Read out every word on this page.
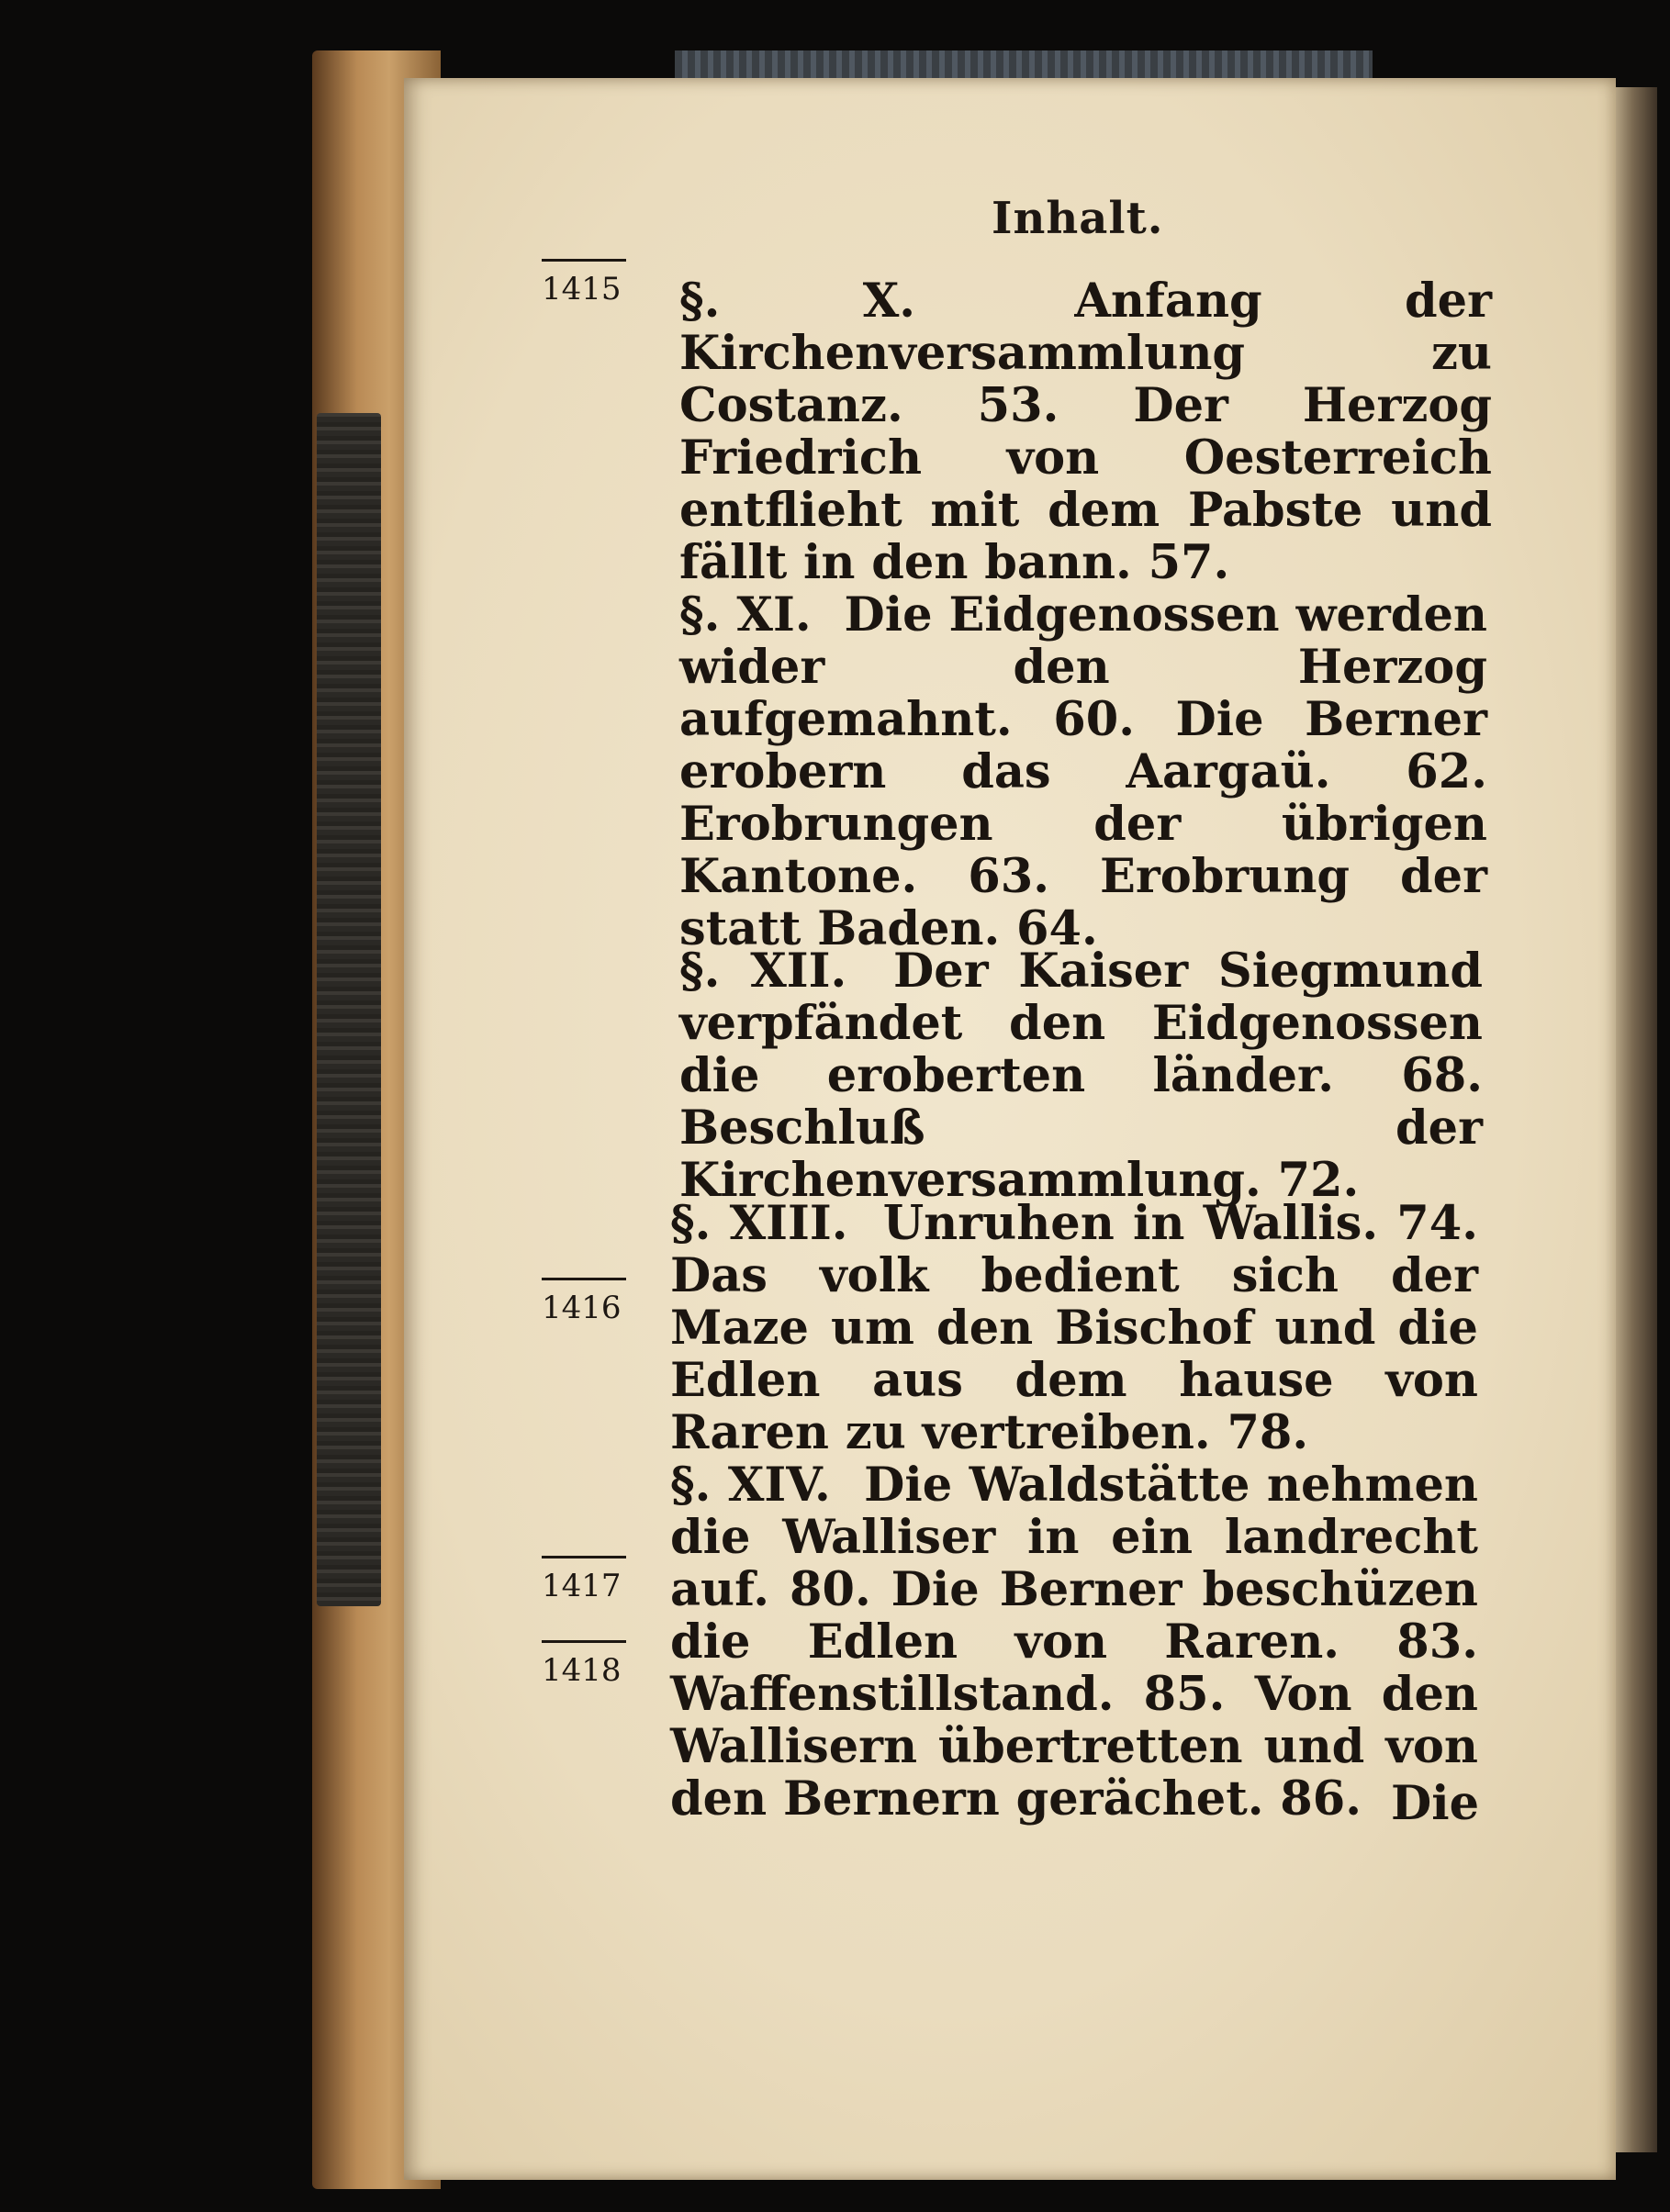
Inhalt.
1415
1416
1417
1418
§. X.	Anfang der Kirchenversammlung zu Costanz. 53. Der Herzog Friedrich von Oesterreich entflieht mit dem Pabste und fällt in den bann. 57.
§. XI. Die Eidgenossen werden wider den Herzog aufgemahnt. 60. Die Berner erobern das Aargaü. 62. Erobrungen der übrigen Kantone. 63. Erobrung der statt Baden. 64.
§. XII. Der Kaiser Siegmund verpfändet den Eidgenossen die eroberten länder. 68. Beschluß der Kirchenversammlung. 72.
§. XIII. Unruhen in Wallis. 74. Das volk bedient sich der Maze um den Bischof und die Edlen aus dem hause von Raren zu vertreiben. 78.
§. XIV. Die Waldstätte nehmen die Walliser in ein landrecht auf. 80. Die Berner beschüzen die Edlen von Raren. 83. Waffenstillstand. 85. Von den Wallisern übertretten und von den Bernern gerächet. 86. Die
